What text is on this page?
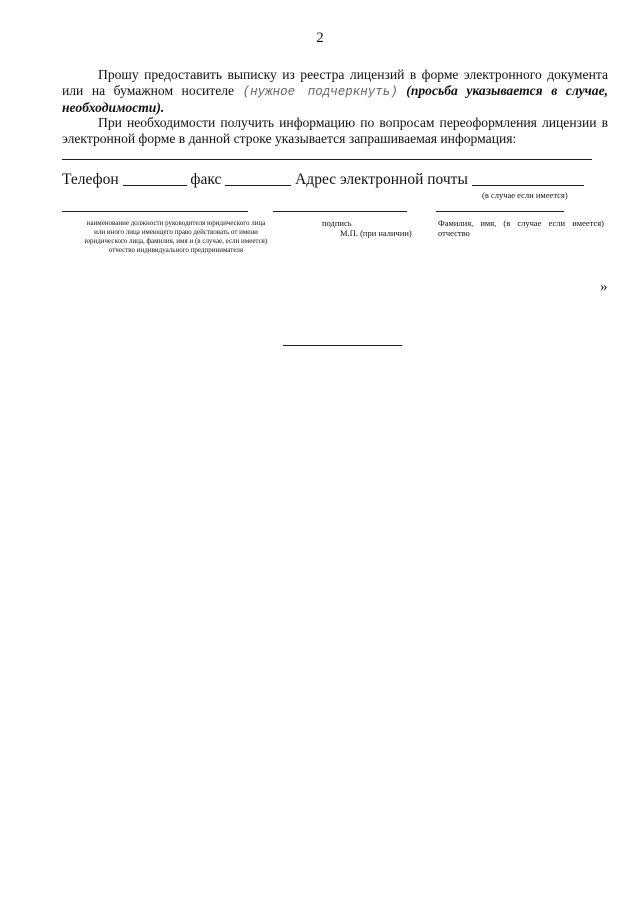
2
Прошу предоставить выписку из реестра лицензий в форме электронного документа или на бумажном носителе (нужное подчеркнуть) (просьба указывается в случае, необходимости).
При необходимости получить информацию по вопросам переоформления лицензии в электронной форме в данной строке указывается запрашиваемая информация:
Телефон	факс	Адрес электронной почты
(в случае если имеется)
наименование должности руководителя юридического лица или иного лица имеющего право действовать от имени юридического лица, фамилия, имя и (в случае, если имеется) отчество индивидуального предпринимателя
подпись
М.П. (при наличии)
Фамилия, имя, (в случае если имеется) отчество
»
